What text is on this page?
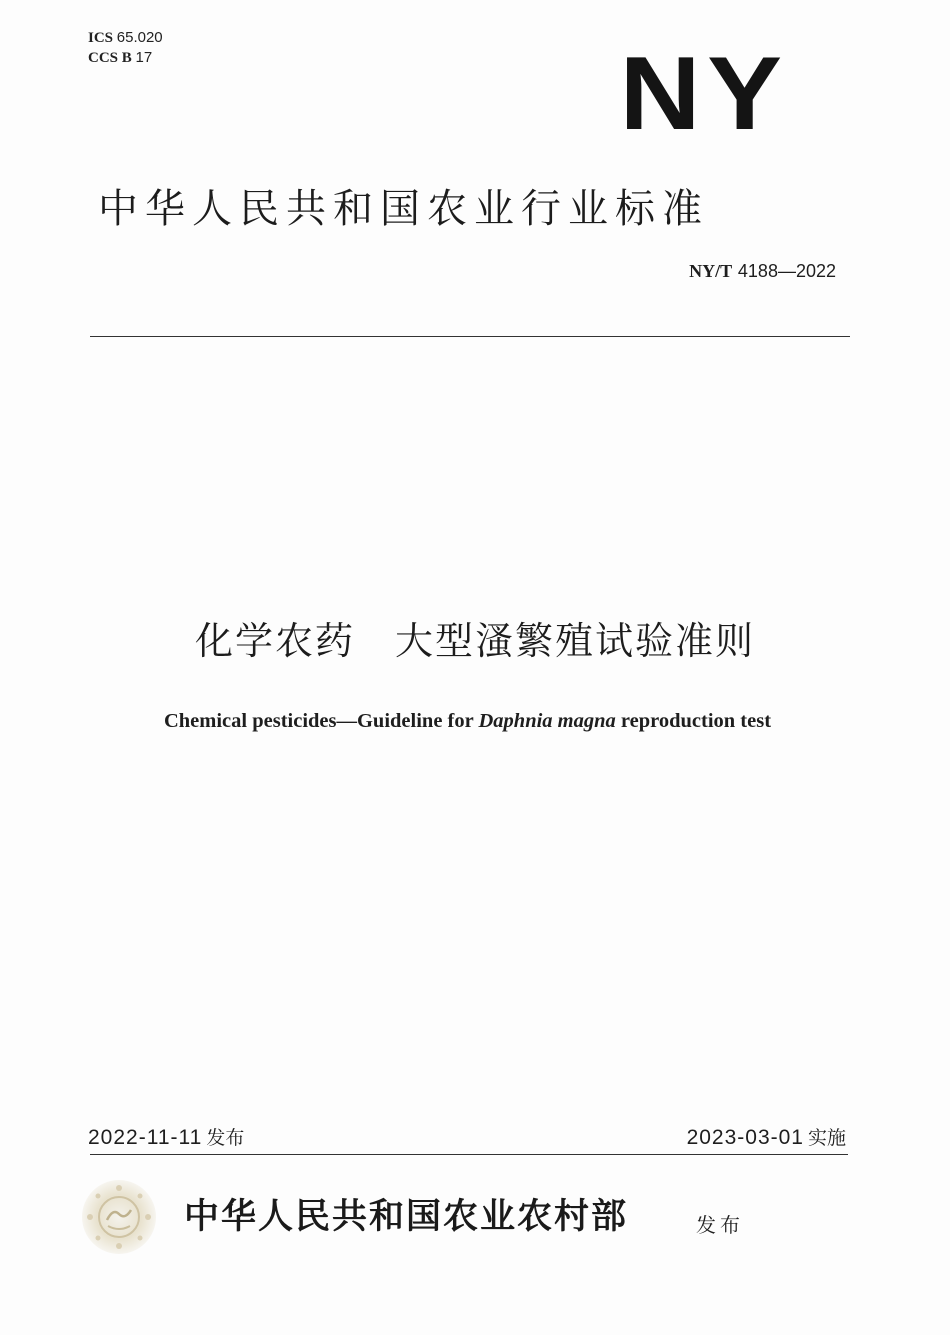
ICS 65.020
CCS B 17	NY
中华人民共和国农业行业标准
NY/T 4188—2022
化学农药　大型溞繁殖试验准则
Chemical pesticides—Guideline for Daphnia magna reproduction test
2022-11-11 发布	2023-03-01 实施
中华人民共和国农业农村部	发布
